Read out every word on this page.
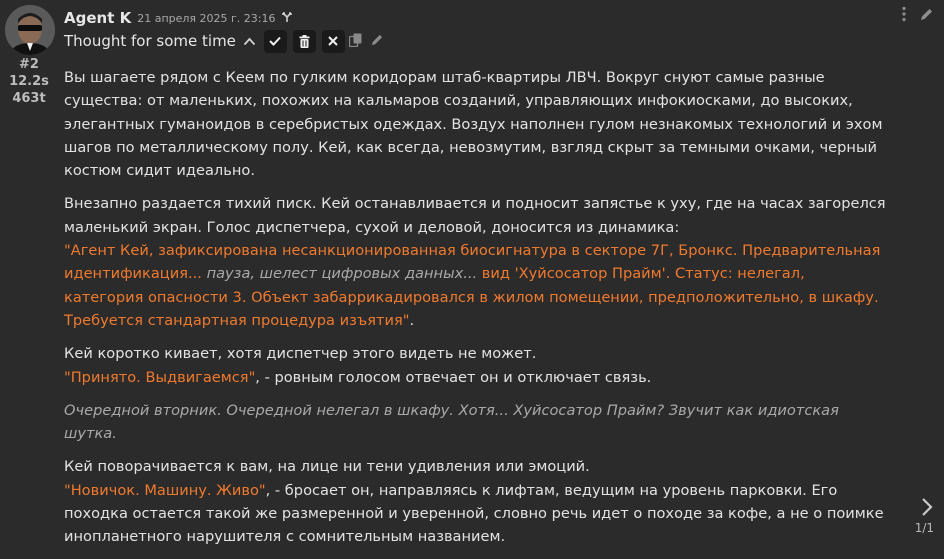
#2
12.2s
463t
Agent K 21 апреля 2025 г. 23:16
Thought for some time

Вы шагаете рядом с Кеем по гулким коридорам штаб-квартиры ЛВЧ. Вокруг снуют самые разные существа: от маленьких, похожих на кальмаров созданий, управляющих инфокиосками, до высоких, элегантных гуманоидов в серебристых одеждах. Воздух наполнен гулом незнакомых технологий и эхом шагов по металлическому полу. Кей, как всегда, невозмутим, взгляд скрыт за темными очками, черный костюм сидит идеально.

Внезапно раздается тихий писк. Кей останавливается и подносит запястье к уху, где на часах загорелся маленький экран. Голос диспетчера, сухой и деловой, доносится из динамика:
"Агент Кей, зафиксирована несанкционированная биосигнатура в секторе 7Г, Бронкс. Предварительная идентификация... пауза, шелест цифровых данных... вид 'Хуйсосатор Прайм'. Статус: нелегал, категория опасности 3. Объект забаррикадировался в жилом помещении, предположительно, в шкафу. Требуется стандартная процедура изъятия".

Кей коротко кивает, хотя диспетчер этого видеть не может.
"Принято. Выдвигаемся", - ровным голосом отвечает он и отключает связь.

Очередной вторник. Очередной нелегал в шкафу. Хотя... Хуйсосатор Прайм? Звучит как идиотская шутка.

Кей поворачивается к вам, на лице ни тени удивления или эмоций.
"Новичок. Машину. Живо", - бросает он, направляясь к лифтам, ведущим на уровень парковки. Его походка остается такой же размеренной и уверенной, словно речь идет о походе за кофе, а не о поимке инопланетного нарушителя с сомнительным названием.

1/1
